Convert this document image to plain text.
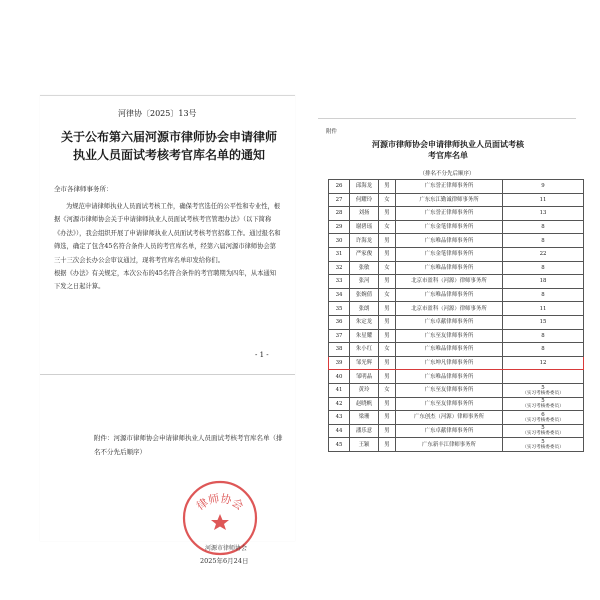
河律协〔2025〕13号
关于公布第六届河源市律师协会申请律师
执业人员面试考核考官库名单的通知
全市各律师事务所：
为规范申请律师执业人员面试考核工作，确保考官选任的公平性和专业性，根据《河源市律师协会关于申请律师执业人员面试考核考官管理办法》（以下简称《办法》），我会组织开展了申请律师执业人员面试考核考官招募工作。通过报名和筛选，确定了包含45名符合条件人员的考官库名单，经第六届河源市律师协会第三十三次会长办公会审议通过，现将考官库名单印发给你们。
根据《办法》有关规定，本次公布的45名符合条件的考官聘期为四年，从本通知下发之日起计算。
- 1 -
附件：河源市律师协会申请律师执业人员面试考核考官库名单（排名不分先后顺序）
律师协会
河源市律师协会
2025年6月24日
附件
河源市律师协会申请律师执业人员面试考核
考官库名单
（排名不分先后顺序）
26	邱海龙	男	广东誉正律师事务所	9
27	何耀玲	女	广东东江勤诚律师事务所	11
28	刘扬	男	广东誉正律师事务所	13
29	谢碧瑶	女	广东金笔律师事务所	8
30	许海龙	男	广东唯品律师事务所	8
31	严家俊	男	广东金笔律师事务所	22
32	张敏	女	广东唯品律师事务所	8
33	张河	男	北京市盈科（河源）律师事务所	18
34	张婉倩	女	广东唯品律师事务所	8
35	张朗	男	北京市盈科（河源）律师事务所	11
36	朱定龙	男	广东卓献律师事务所	15
37	朱星耀	男	广东至友律师事务所	8
38	朱小红	女	广东唯品律师事务所	8
39	邹光辉	男	广东坤凡律师事务所	12
40	邹明晶	男	广东唯品律师事务所	
41	黄玲	女	广东至友律师事务所	5
（实习考核委委员）

42	赵晓帆	男	广东至友律师事务所	5
（实习考核委委员）

43	梁珊	男	广东创杰（河源）律师事务所	6
（实习考核委委员）

44	潘乐意	男	广东卓献律师事务所	5
（实习考核委委员）

45	王颖	男	广东新丰江律师事务所	5
（实习考核委委员）
